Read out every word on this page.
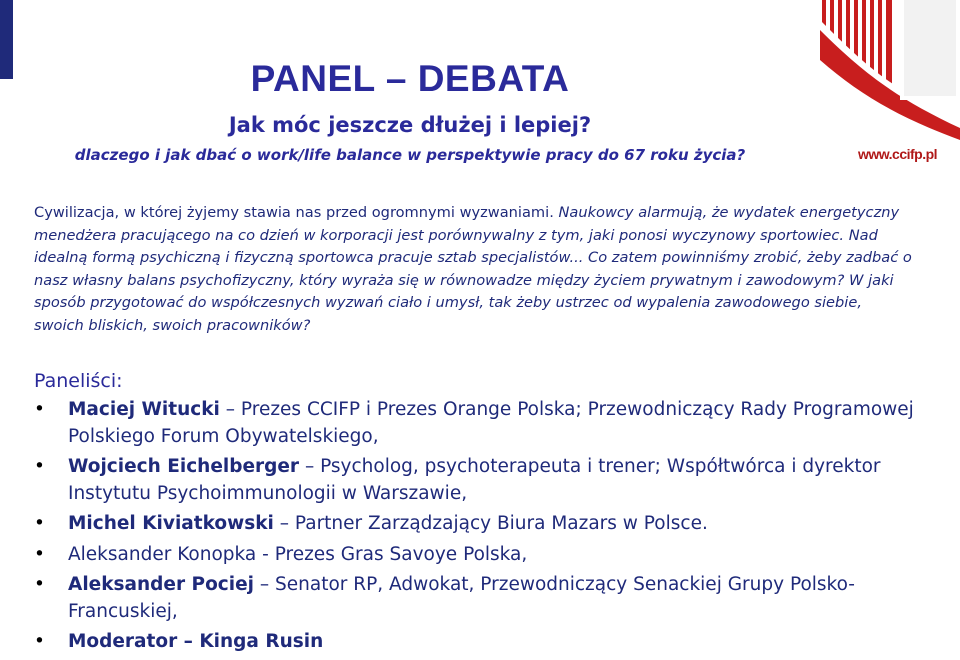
PANEL – DEBATA
Jak móc jeszcze dłużej i lepiej?
dlaczego i jak dbać o work/life balance w perspektywie pracy do 67 roku życia?	www.ccifp.pl
Cywilizacja, w której żyjemy stawia nas przed ogromnymi wyzwaniami. Naukowcy alarmują, że wydatek energetyczny menedżera pracującego na co dzień w korporacji jest porównywalny z tym, jaki ponosi wyczynowy sportowiec. Nad idealną formą psychiczną i fizyczną sportowca pracuje sztab specjalistów... Co zatem powinniśmy zrobić, żeby zadbać o nasz własny balans psychofizyczny, który wyraża się w równowadze między życiem prywatnym i zawodowym? W jaki sposób przygotować do współczesnych wyzwań ciało i umysł, tak żeby ustrzec od wypalenia zawodowego siebie, swoich bliskich, swoich pracowników?
Paneliści:
• Maciej Witucki – Prezes CCIFP i Prezes Orange Polska; Przewodniczący Rady Programowej Polskiego Forum Obywatelskiego,
• Wojciech Eichelberger – Psycholog, psychoterapeuta i trener; Współtwórca i dyrektor Instytutu Psychoimmunologii w Warszawie,
• Michel Kiviatkowski – Partner Zarządzający Biura Mazars w Polsce.
• Aleksander Konopka - Prezes Gras Savoye Polska,
• Aleksander Pociej – Senator RP, Adwokat, Przewodniczący Senackiej Grupy Polsko-Francuskiej,
• Moderator – Kinga Rusin
